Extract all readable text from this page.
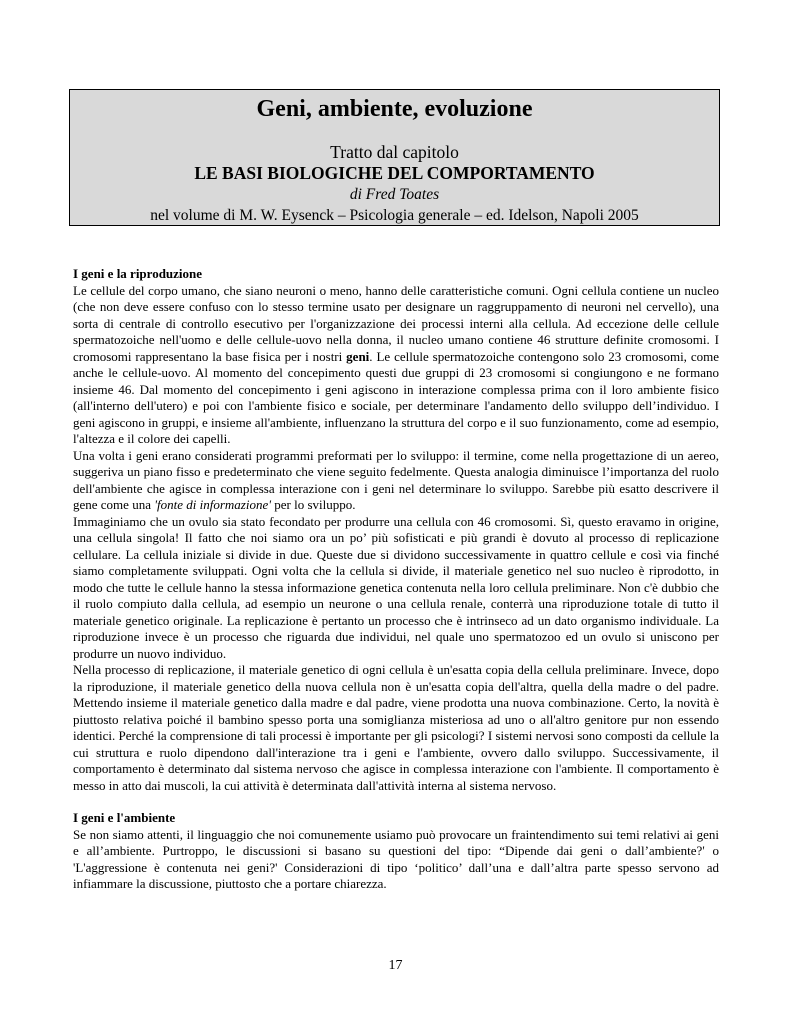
Geni, ambiente, evoluzione
Tratto dal capitolo
LE BASI BIOLOGICHE DEL COMPORTAMENTO
di Fred Toates
nel volume di M. W. Eysenck – Psicologia generale – ed. Idelson, Napoli 2005

I geni e la riproduzione

Le cellule del corpo umano, che siano neuroni o meno, hanno delle caratteristiche comuni. Ogni cellula contiene un nucleo (che non deve essere confuso con lo stesso termine usato per designare un raggruppamento di neuroni nel cervello), una sorta di centrale di controllo esecutivo per l'organizzazione dei processi interni alla cellula. Ad eccezione delle cellule spermatozoiche nell'uomo e delle cellule-uovo nella donna, il nucleo umano contiene 46 strutture definite cromosomi. I cromosomi rappresentano la base fisica per i nostri geni. Le cellule spermatozoiche contengono solo 23 cromosomi, come anche le cellule-uovo. Al momento del concepimento questi due gruppi di 23 cromosomi si congiungono e ne formano insieme 46. Dal momento del concepimento i geni agiscono in interazione complessa prima con il loro ambiente fisico (all'interno dell'utero) e poi con l'ambiente fisico e sociale, per determinare l'andamento dello sviluppo dell’individuo. I geni agiscono in gruppi, e insieme all'ambiente, influenzano la struttura del corpo e il suo funzionamento, come ad esempio, l'altezza e il colore dei capelli.

Una volta i geni erano considerati programmi preformati per lo sviluppo: il termine, come nella progettazione di un aereo, suggeriva un piano fisso e predeterminato che viene seguito fedelmente. Questa analogia diminuisce l’importanza del ruolo dell'ambiente che agisce in complessa interazione con i geni nel determinare lo sviluppo. Sarebbe più esatto descrivere il gene come una 'fonte di informazione' per lo sviluppo.

Immaginiamo che un ovulo sia stato fecondato per produrre una cellula con 46 cromosomi. Sì, questo eravamo in origine, una cellula singola! Il fatto che noi siamo ora un po’ più sofisticati e più grandi è dovuto al processo di replicazione cellulare. La cellula iniziale si divide in due. Queste due si dividono successivamente in quattro cellule e così via finché siamo completamente sviluppati. Ogni volta che la cellula si divide, il materiale genetico nel suo nucleo è riprodotto, in modo che tutte le cellule hanno la stessa informazione genetica contenuta nella loro cellula preliminare. Non c'è dubbio che il ruolo compiuto dalla cellula, ad esempio un neurone o una cellula renale, conterrà una riproduzione totale di tutto il materiale genetico originale. La replicazione è pertanto un processo che è intrinseco ad un dato organismo individuale. La riproduzione invece è un processo che riguarda due individui, nel quale uno spermatozoo ed un ovulo si uniscono per produrre un nuovo individuo.

Nella processo di replicazione, il materiale genetico di ogni cellula è un'esatta copia della cellula preliminare. Invece, dopo la riproduzione, il materiale genetico della nuova cellula non è un'esatta copia dell'altra, quella della madre o del padre. Mettendo insieme il materiale genetico dalla madre e dal padre, viene prodotta una nuova combinazione. Certo, la novità è piuttosto relativa poiché il bambino spesso porta una somiglianza misteriosa ad uno o all'altro genitore pur non essendo identici. Perché la comprensione di tali processi è importante per gli psicologi? I sistemi nervosi sono composti da cellule la cui struttura e ruolo dipendono dall'interazione tra i geni e l'ambiente, ovvero dallo sviluppo. Successivamente, il comportamento è determinato dal sistema nervoso che agisce in complessa interazione con l'ambiente. Il comportamento è messo in atto dai muscoli, la cui attività è determinata dall'attività interna al sistema nervoso.

I geni e l'ambiente

Se non siamo attenti, il linguaggio che noi comunemente usiamo può provocare un fraintendimento sui temi relativi ai geni e all’ambiente. Purtroppo, le discussioni si basano su questioni del tipo: “Dipende dai geni o dall’ambiente?' o 'L'aggressione è contenuta nei geni?' Considerazioni di tipo ‘politico’ dall’una e dall’altra parte spesso servono ad infiammare la discussione, piuttosto che a portare chiarezza.

17
